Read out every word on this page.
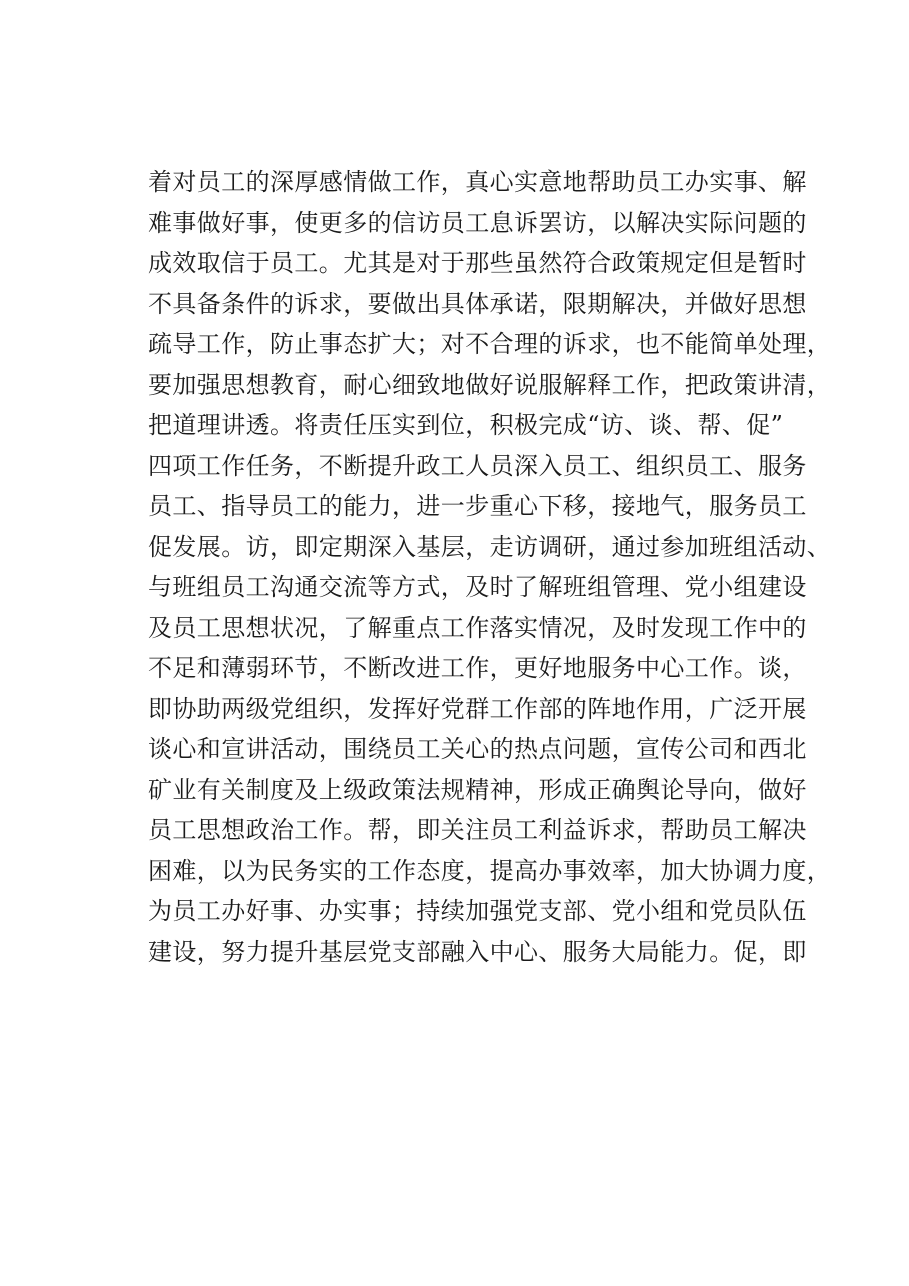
着对员工的深厚感情做工作，真心实意地帮助员工办实事、解
难事做好事，使更多的信访员工息诉罢访，以解决实际问题的
成效取信于员工。尤其是对于那些虽然符合政策规定但是暂时
不具备条件的诉求，要做出具体承诺，限期解决，并做好思想
疏导工作，防止事态扩大；对不合理的诉求，也不能简单处理，
要加强思想教育，耐心细致地做好说服解释工作，把政策讲清，
把道理讲透。将责任压实到位，积极完成“访、谈、帮、促”
四项工作任务，不断提升政工人员深入员工、组织员工、服务
员工、指导员工的能力，进一步重心下移，接地气，服务员工
促发展。访，即定期深入基层，走访调研，通过参加班组活动、
与班组员工沟通交流等方式，及时了解班组管理、党小组建设
及员工思想状况，了解重点工作落实情况，及时发现工作中的
不足和薄弱环节，不断改进工作，更好地服务中心工作。谈，
即协助两级党组织，发挥好党群工作部的阵地作用，广泛开展
谈心和宣讲活动，围绕员工关心的热点问题，宣传公司和西北
矿业有关制度及上级政策法规精神，形成正确舆论导向，做好
员工思想政治工作。帮，即关注员工利益诉求，帮助员工解决
困难，以为民务实的工作态度，提高办事效率，加大协调力度，
为员工办好事、办实事；持续加强党支部、党小组和党员队伍
建设，努力提升基层党支部融入中心、服务大局能力。促，即
